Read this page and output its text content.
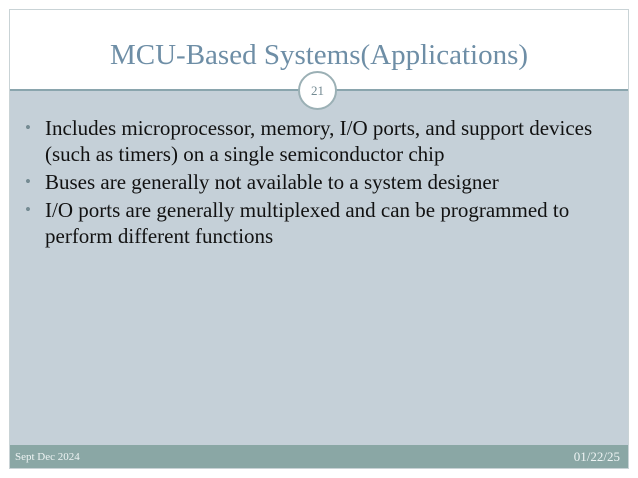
MCU-Based Systems(Applications)
21
• Includes microprocessor, memory, I/O ports, and support devices (such as timers) on a single semiconductor chip
• Buses are generally not available to a system designer
• I/O ports are generally multiplexed and can be programmed to perform different functions
Sept Dec 2024	01/22/25
